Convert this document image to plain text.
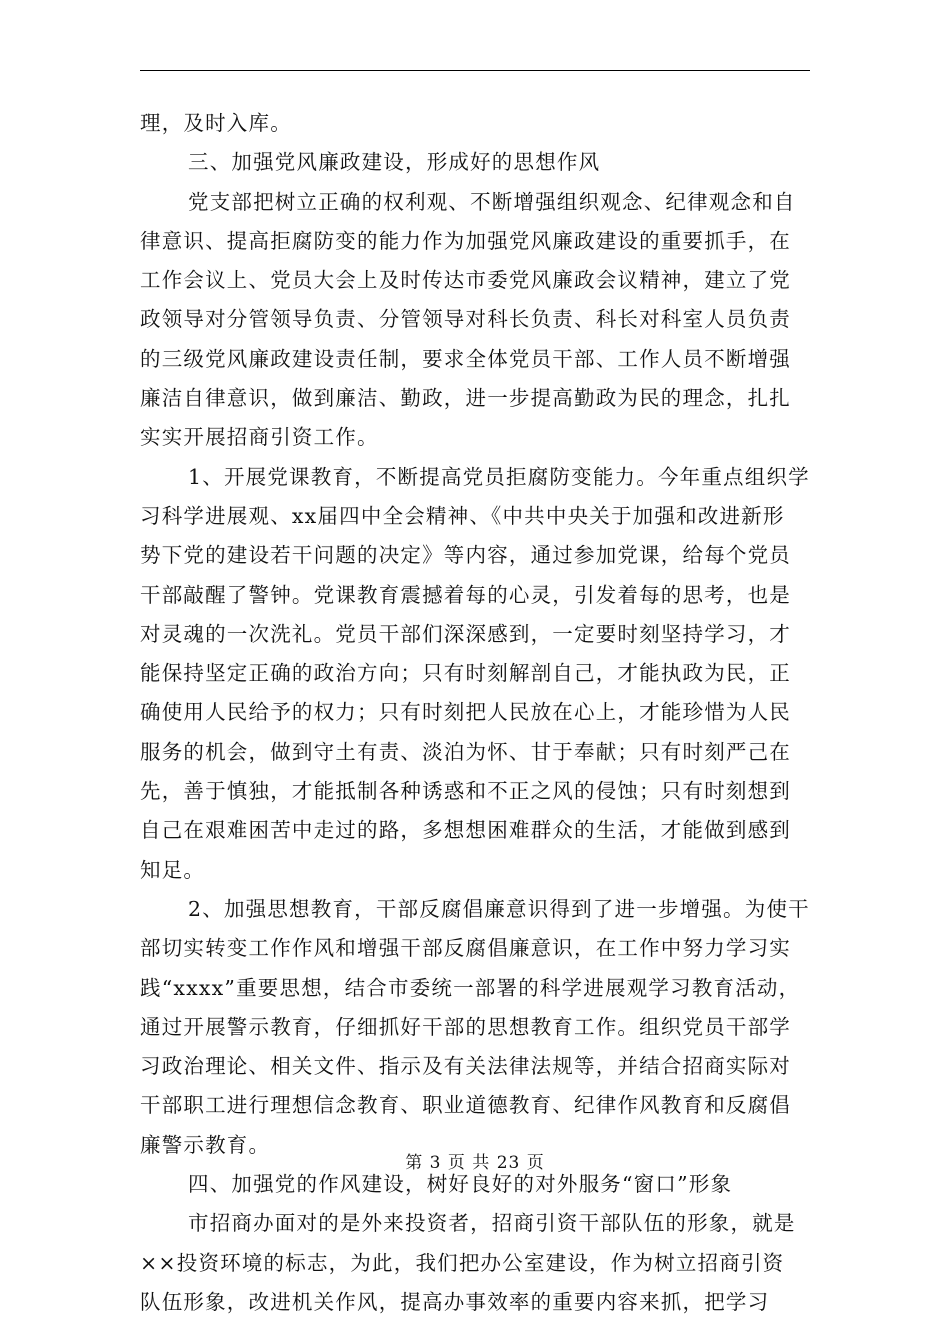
理，及时入库。
三、加强党风廉政建设，形成好的思想作风
党支部把树立正确的权利观、不断增强组织观念、纪律观念和自
律意识、提高拒腐防变的能力作为加强党风廉政建设的重要抓手，在
工作会议上、党员大会上及时传达市委党风廉政会议精神，建立了党
政领导对分管领导负责、分管领导对科长负责、科长对科室人员负责
的三级党风廉政建设责任制，要求全体党员干部、工作人员不断增强
廉洁自律意识，做到廉洁、勤政，进一步提高勤政为民的理念，扎扎
实实开展招商引资工作。
1、开展党课教育，不断提高党员拒腐防变能力。今年重点组织学
习科学进展观、xx届四中全会精神、《中共中央关于加强和改进新形
势下党的建设若干问题的决定》等内容，通过参加党课，给每个党员
干部敲醒了警钟。党课教育震撼着每的心灵，引发着每的思考，也是
对灵魂的一次洗礼。党员干部们深深感到，一定要时刻坚持学习，才
能保持坚定正确的政治方向；只有时刻解剖自己，才能执政为民，正
确使用人民给予的权力；只有时刻把人民放在心上，才能珍惜为人民
服务的机会，做到守土有责、淡泊为怀、甘于奉献；只有时刻严己在
先，善于慎独，才能抵制各种诱惑和不正之风的侵蚀；只有时刻想到
自己在艰难困苦中走过的路，多想想困难群众的生活，才能做到感到
知足。
2、加强思想教育，干部反腐倡廉意识得到了进一步增强。为使干
部切实转变工作作风和增强干部反腐倡廉意识，在工作中努力学习实
践“xxxx”重要思想，结合市委统一部署的科学进展观学习教育活动，
通过开展警示教育，仔细抓好干部的思想教育工作。组织党员干部学
习政治理论、相关文件、指示及有关法律法规等，并结合招商实际对
干部职工进行理想信念教育、职业道德教育、纪律作风教育和反腐倡
廉警示教育。
四、加强党的作风建设，树好良好的对外服务“窗口”形象
市招商办面对的是外来投资者，招商引资干部队伍的形象，就是
××投资环境的标志，为此，我们把办公室建设，作为树立招商引资
队伍形象，改进机关作风，提高办事效率的重要内容来抓，把学习
第 3 页 共 23 页
